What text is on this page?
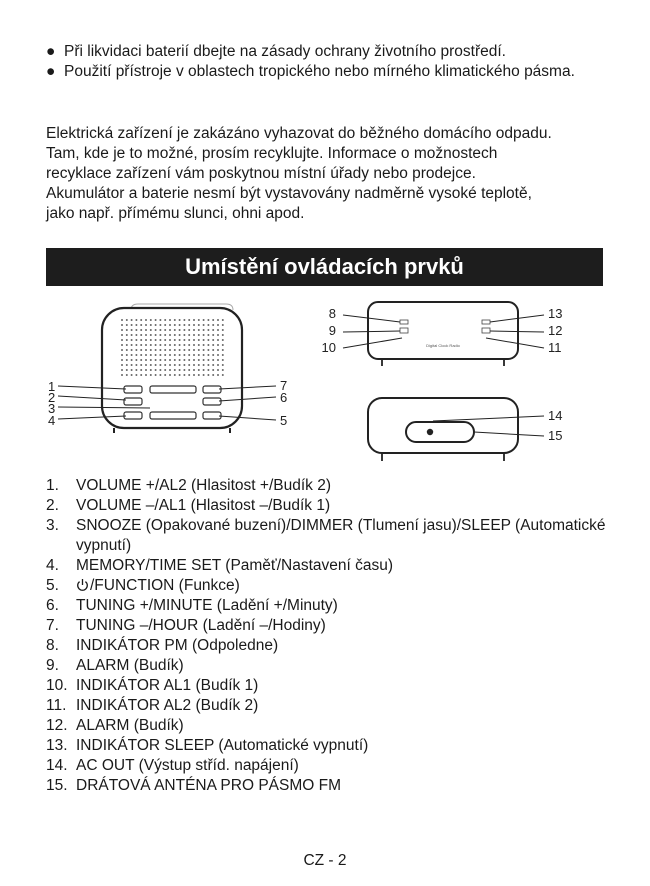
● Při likvidaci baterií dbejte na zásady ochrany životního prostředí.
● Použití přístroje v oblastech tropického nebo mírného klimatického pásma.
Elektrická zařízení je zakázáno vyhazovat do běžného domácího odpadu.
Tam, kde je to možné, prosím recyklujte. Informace o možnostech
recyklace zařízení vám poskytnou místní úřady nebo prodejce.
Akumulátor a baterie nesmí být vystavovány nadměrně vysoké teplotě,
jako např. přímému slunci, ohni apod.
Umístění ovládacích prvků
1
2
3
4
7
6
5
Digital Clock Radio
8
9
10
13
12
11
14
15
1. VOLUME +/AL2 (Hlasitost +/Budík 2)
2. VOLUME –/AL1 (Hlasitost –/Budík 1)
3. SNOOZE (Opakované buzení)/DIMMER (Tlumení jasu)/SLEEP (Automatické vypnutí)
4. MEMORY/TIME SET (Paměť/Nastavení času)
5. /FUNCTION (Funkce)
6. TUNING +/MINUTE (Ladění +/Minuty)
7. TUNING –/HOUR (Ladění –/Hodiny)
8. INDIKÁTOR PM (Odpoledne)
9. ALARM (Budík)
10. INDIKÁTOR AL1 (Budík 1)
11. INDIKÁTOR AL2 (Budík 2)
12. ALARM (Budík)
13. INDIKÁTOR SLEEP (Automatické vypnutí)
14. AC OUT (Výstup stříd. napájení)
15. DRÁTOVÁ ANTÉNA PRO PÁSMO FM
CZ - 2
